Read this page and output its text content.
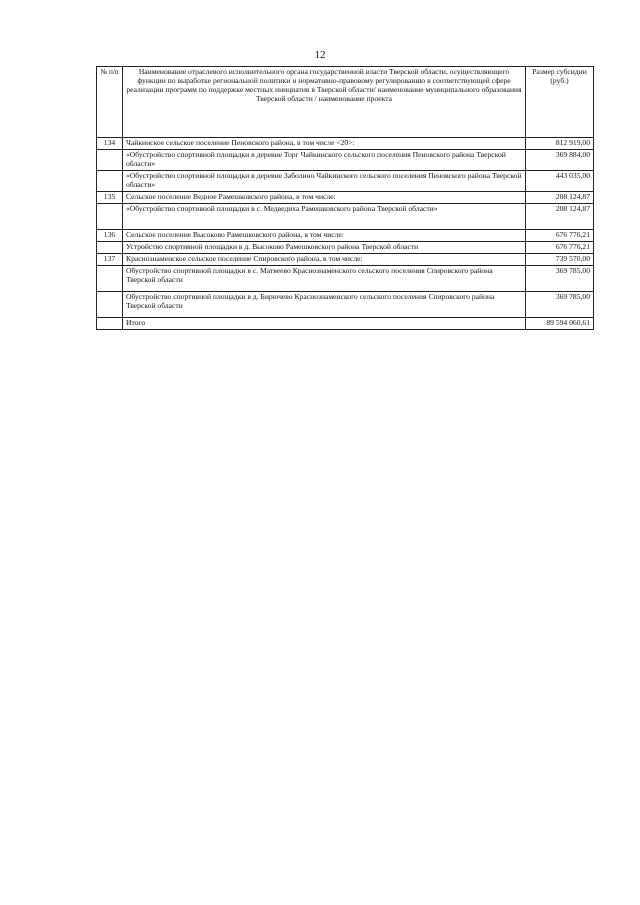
12
№ п/п	Наименование отраслевого исполнительного органа государственной власти Тверской области, осуществляющего функции по выработке региональной политики и нормативно-правовому регулированию в соответствующей сфере реализации программ по поддержке местных инициатив в Тверской области/ наименование муниципального образования Тверской области / наименование проекта	Размер субсидии (руб.)
134	Чайкинское сельское поселение Пеновского района, в том числе <20>:	812 919,00
	«Обустройство спортивной площадки в деревне Торг Чайкинского сельского поселения Пеновского района Тверской области»	369 884,00
	«Обустройство спортивной площадки в деревне Заболино Чайкинского сельского поселения Пеновского района Тверской области»	443 035,00
135	Сельское поселение Ведное Рамешковского района, в том числе:	208 124,87
	«Обустройство спортивной площадки в с. Медведиха Рамешковского района Тверской области»	208 124,87
136	Сельское поселение Высоково Рамешковского района, в том числе:	676 776,21
	Устройство спортивной площадки в д. Высоково Рамешковского района Тверской области	676 776,21
137	Краснознаменское сельское поселение Спировского района, в том числе:	739 570,00
	Обустройство спортивной площадки в с. Матвеево Краснознаменского сельского поселения Спировского района Тверской области	369 785,00
	Обустройство спортивной площадки в д. Бирючево Краснознаменского сельского поселения Спировского района Тверской области	369 785,00
	Итого	89 594 060,61
